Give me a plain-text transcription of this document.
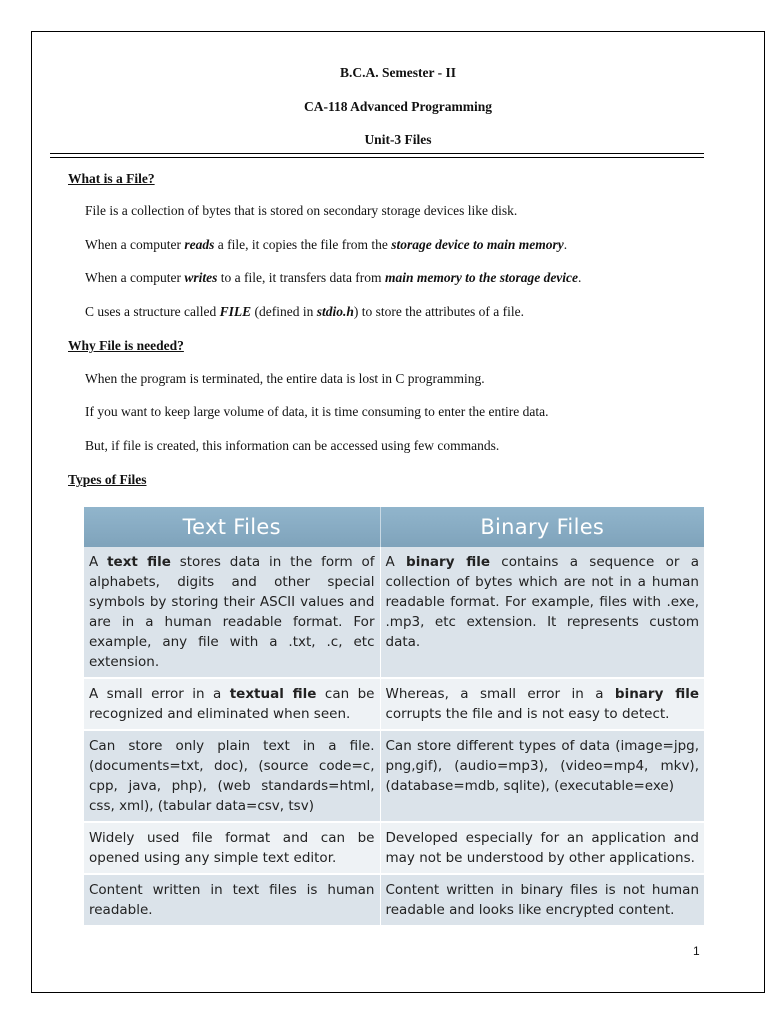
B.C.A. Semester - II
CA-118 Advanced Programming
Unit-3 Files
What is a File?
File is a collection of bytes that is stored on secondary storage devices like disk.
When a computer reads a file, it copies the file from the storage device to main memory.
When a computer writes to a file, it transfers data from main memory to the storage device.
C uses a structure called FILE (defined in stdio.h) to store the attributes of a file.
Why File is needed?
When the program is terminated, the entire data is lost in C programming.
If you want to keep large volume of data, it is time consuming to enter the entire data.
But, if file is created, this information can be accessed using few commands.
Types of Files
Text Files	Binary Files
A text file stores data in the form of alphabets, digits and other special symbols by storing their ASCII values and are in a human readable format. For example, any file with a .txt, .c, etc extension.	A binary file contains a sequence or a collection of bytes which are not in a human readable format. For example, files with .exe, .mp3, etc extension. It represents custom data.
A small error in a textual file can be recognized and eliminated when seen.	Whereas, a small error in a binary file corrupts the file and is not easy to detect.
Can store only plain text in a file. (documents=txt, doc), (source code=c, cpp, java, php), (web standards=html, css, xml), (tabular data=csv, tsv)	Can store different types of data (image=jpg, png,gif), (audio=mp3), (video=mp4, mkv), (database=mdb, sqlite), (executable=exe)
Widely used file format and can be opened using any simple text editor.	Developed especially for an application and may not be understood by other applications.
Content written in text files is human readable.	Content written in binary files is not human readable and looks like encrypted content.
1
